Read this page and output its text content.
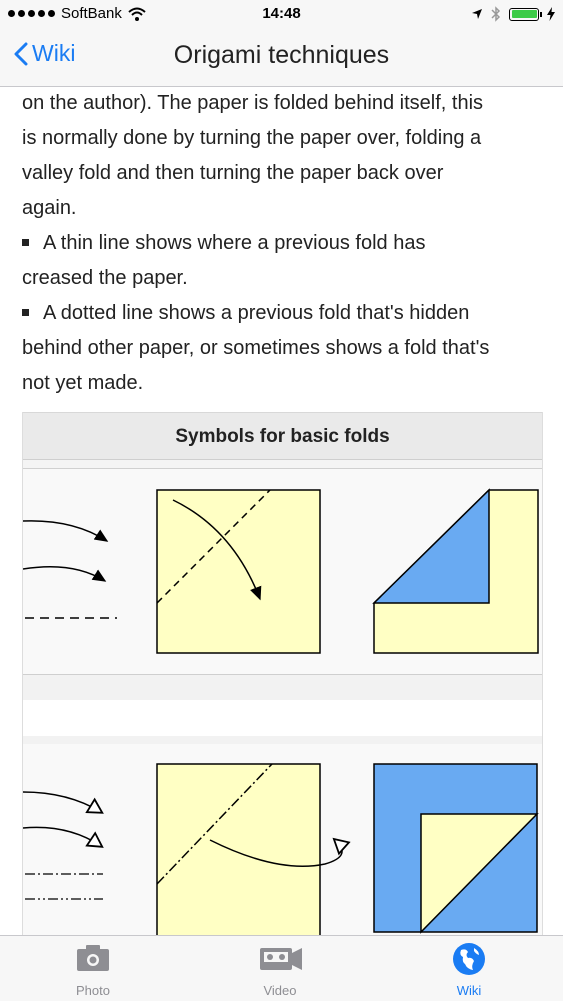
SoftBank	14:48
Wiki	Origami techniques

on the author). The paper is folded behind itself, this
is normally done by turning the paper over, folding a
valley fold and then turning the paper back over
again.

A thin line shows where a previous fold has
creased the paper.

A dotted line shows a previous fold that's hidden
behind other paper, or sometimes shows a fold that's
not yet made.

Symbols for basic folds
Photo	Video	Wiki
